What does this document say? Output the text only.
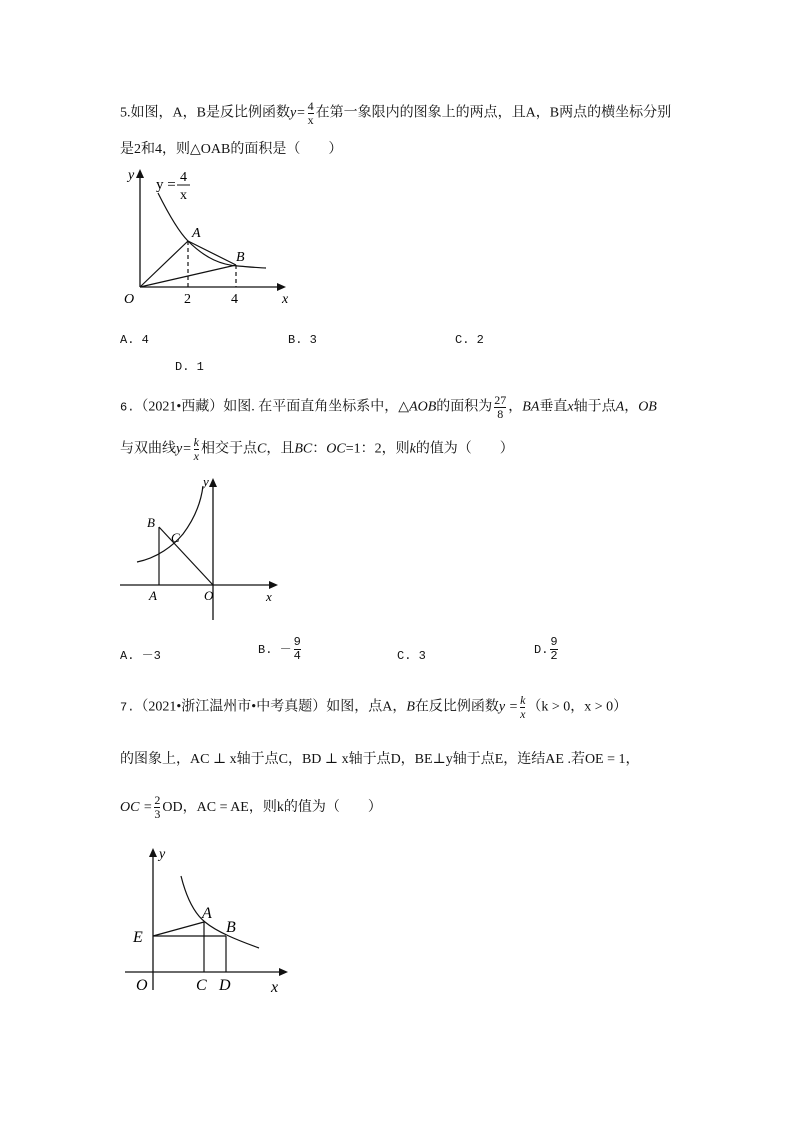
5.如图，A，B是反比例函数$y= \frac{4}{x}$ 在第一象限内的图象上的两点，且A，B两点的横坐标分别
是2和4，则△OAB的面积是（　　）
y
y = 4
x
A
B
O	x
2	4
A. 4	B. 3	C. 2
D. 1
6.（2021•西藏）如图. 在平面直角坐标系中，△AOB的面积为 $\frac{27}{8}$ ，BA垂直x轴于点A，OB
与双曲线$y= \frac{k}{x}$ 相交于点C，且BC：OC=1：2，则k的值为（　　）
y
B
C
A	O	x
A. －3	B. － $\frac{9}{4}$	C. 3	D. $\frac{9}{2}$
7.（2021•浙江温州市•中考真题）如图，点A，B在反比例函数$y = \frac{k}{x} (k > 0$，x > 0）
的图象上，AC ⊥ x轴于点C，BD ⊥ x轴于点D，BE⊥y轴于点E，连结AE .若OE = 1，
OC = $\frac{2}{3}$ OD，AC = AE，则k的值为（　　）
y
A
B
E
O	C D	x
